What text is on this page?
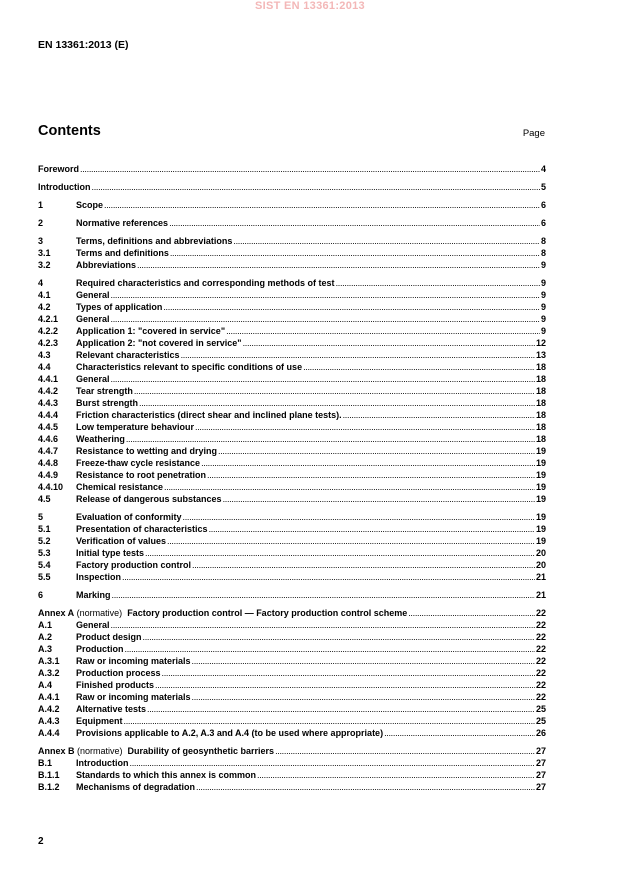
SIST EN 13361:2013
EN 13361:2013 (E)
Contents	Page
Foreword .....	4
Introduction .....	5
1	Scope .....	6
2	Normative references .....	6
3	Terms, definitions and abbreviations .....	8
3.1	Terms and definitions .....	8
3.2	Abbreviations .....	9
4	Required characteristics and corresponding methods of test .....	9
4.1	General .....	9
4.2	Types of application .....	9
4.2.1	General .....	9
4.2.2	Application 1: "covered in service" .....	9
4.2.3	Application 2: "not covered in service" .....	12
4.3	Relevant characteristics .....	13
4.4	Characteristics relevant to specific conditions of use .....	18
4.4.1	General .....	18
4.4.2	Tear strength .....	18
4.4.3	Burst strength .....	18
4.4.4	Friction characteristics (direct shear and inclined plane tests). .....	18
4.4.5	Low temperature behaviour .....	18
4.4.6	Weathering .....	18
4.4.7	Resistance to wetting and drying .....	19
4.4.8	Freeze-thaw cycle resistance .....	19
4.4.9	Resistance to root penetration .....	19
4.4.10	Chemical resistance .....	19
4.5	Release of dangerous substances .....	19
5	Evaluation of conformity .....	19
5.1	Presentation of characteristics .....	19
5.2	Verification of values .....	19
5.3	Initial type tests .....	20
5.4	Factory production control .....	20
5.5	Inspection .....	21
6	Marking .....	21
Annex A (normative)  Factory production control — Factory production control scheme .....	22
A.1	General .....	22
A.2	Product design .....	22
A.3	Production .....	22
A.3.1	Raw or incoming materials .....	22
A.3.2	Production process .....	22
A.4	Finished products .....	22
A.4.1	Raw or incoming materials .....	22
A.4.2	Alternative tests .....	25
A.4.3	Equipment .....	25
A.4.4	Provisions applicable to A.2, A.3 and A.4 (to be used where appropriate) .....	26
Annex B (normative)  Durability of geosynthetic barriers .....	27
B.1	Introduction .....	27
B.1.1	Standards to which this annex is common .....	27
B.1.2	Mechanisms of degradation .....	27
2
